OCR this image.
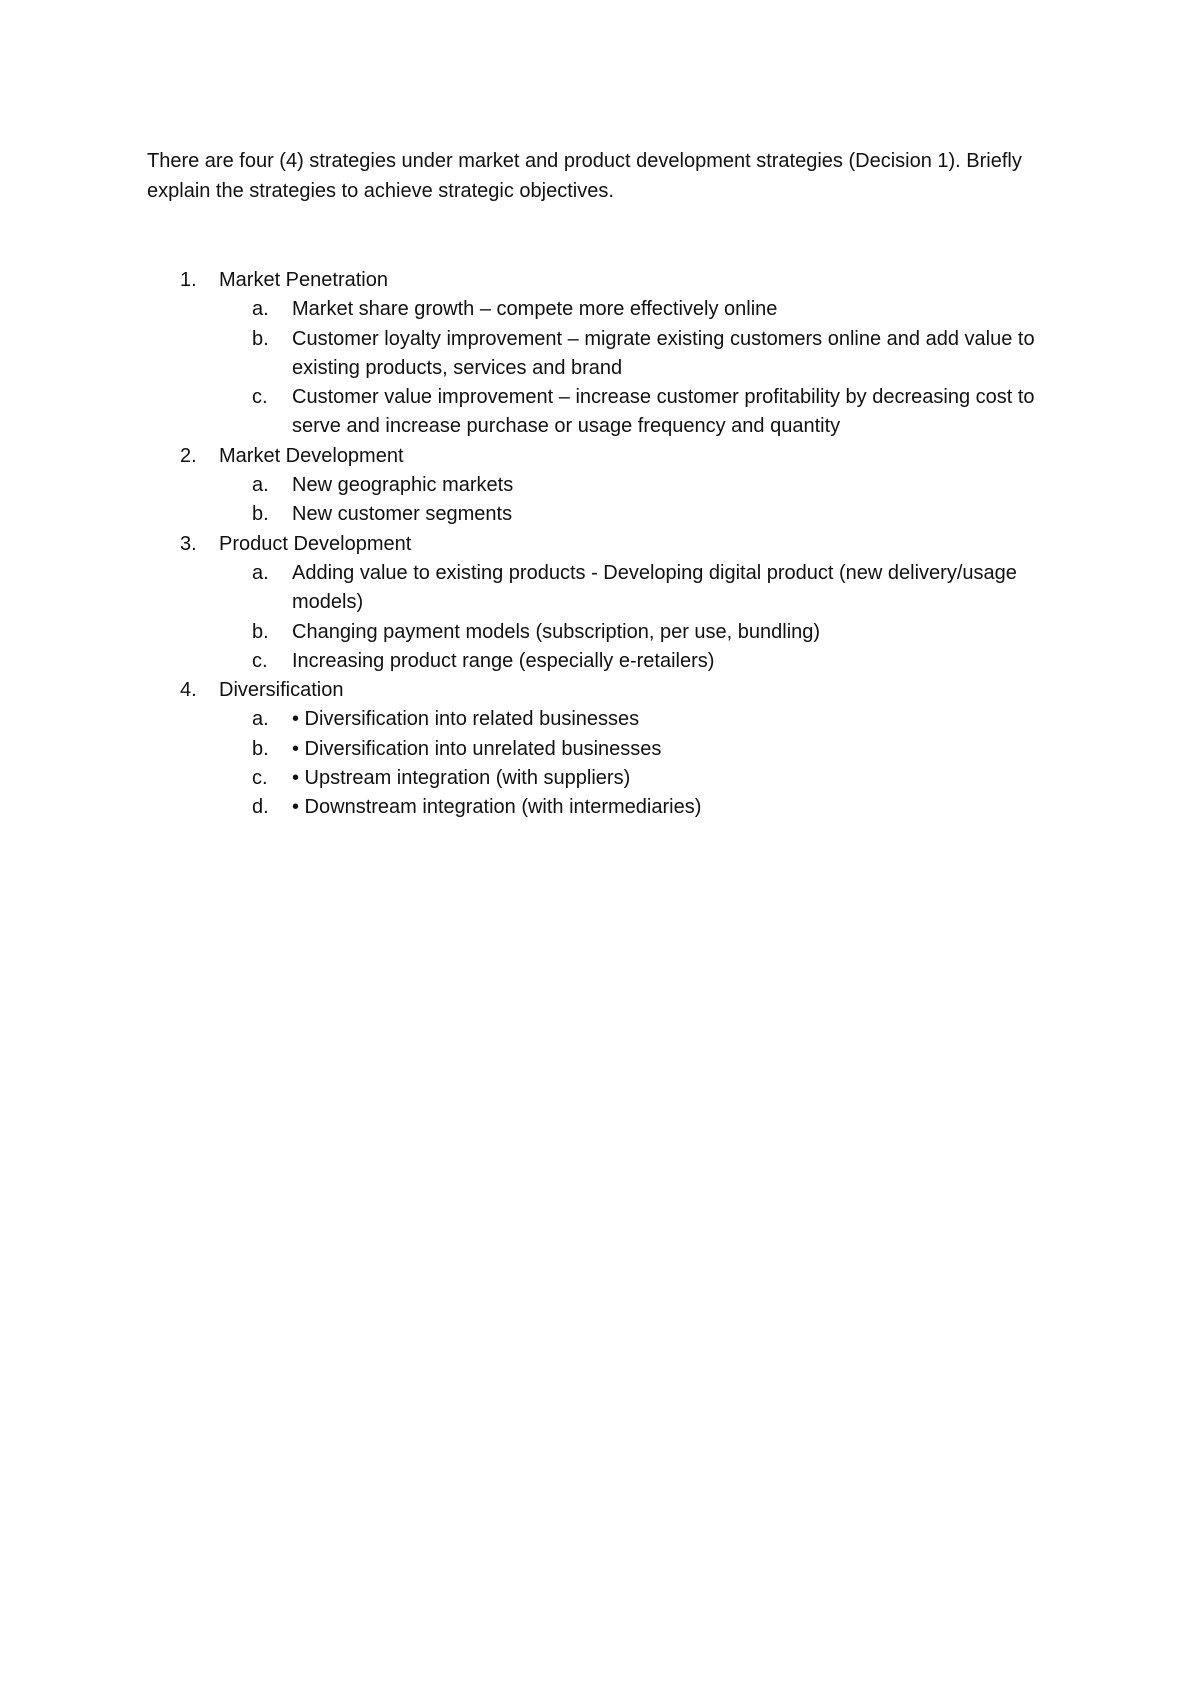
There are four (4) strategies under market and product development strategies (Decision 1). Briefly explain the strategies to achieve strategic objectives.

1. Market Penetration
a. Market share growth – compete more effectively online
b. Customer loyalty improvement – migrate existing customers online and add value to existing products, services and brand
c. Customer value improvement – increase customer profitability by decreasing cost to serve and increase purchase or usage frequency and quantity
2. Market Development
a. New geographic markets
b. New customer segments
3. Product Development
a. Adding value to existing products - Developing digital product (new delivery/usage models)
b. Changing payment models (subscription, per use, bundling)
c. Increasing product range (especially e-retailers)
4. Diversification
a. • Diversification into related businesses
b. • Diversification into unrelated businesses
c. • Upstream integration (with suppliers)
d. • Downstream integration (with intermediaries)
